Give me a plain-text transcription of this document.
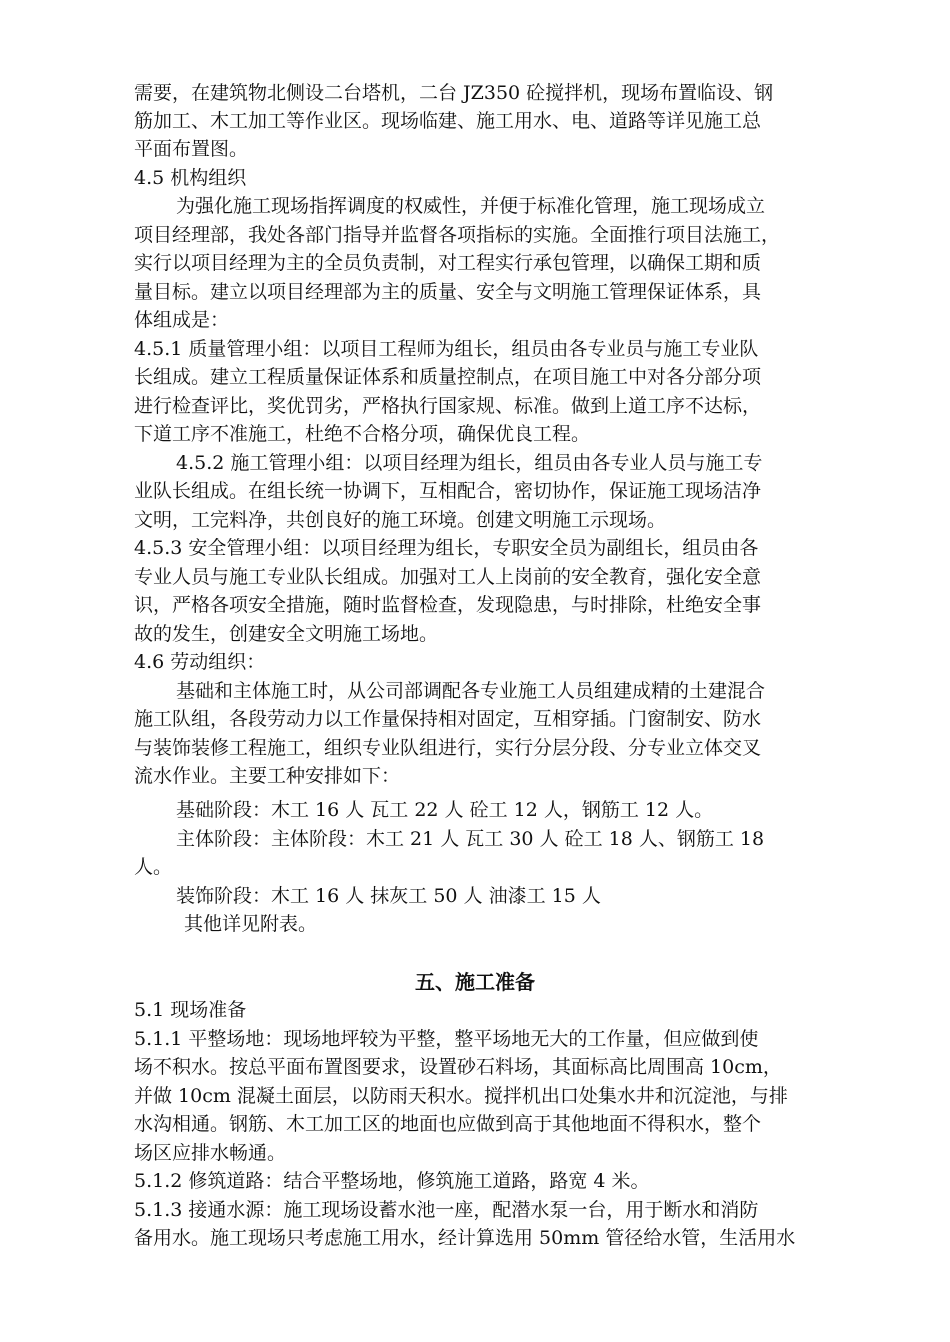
需要，在建筑物北侧设二台塔机，二台 JZ350 砼搅拌机，现场布置临设、钢
筋加工、木工加工等作业区。现场临建、施工用水、电、道路等详见施工总
平面布置图。
4.5 机构组织
为强化施工现场指挥调度的权威性，并便于标准化管理，施工现场成立
项目经理部，我处各部门指导并监督各项指标的实施。全面推行项目法施工，
实行以项目经理为主的全员负责制，对工程实行承包管理，以确保工期和质
量目标。建立以项目经理部为主的质量、安全与文明施工管理保证体系，具
体组成是：
4.5.1 质量管理小组：以项目工程师为组长，组员由各专业员与施工专业队
长组成。建立工程质量保证体系和质量控制点，在项目施工中对各分部分项
进行检查评比，奖优罚劣，严格执行国家规、标准。做到上道工序不达标，
下道工序不准施工，杜绝不合格分项，确保优良工程。
4.5.2 施工管理小组：以项目经理为组长，组员由各专业人员与施工专
业队长组成。在组长统一协调下，互相配合，密切协作，保证施工现场洁净
文明，工完料净，共创良好的施工环境。创建文明施工示现场。
4.5.3 安全管理小组：以项目经理为组长，专职安全员为副组长，组员由各
专业人员与施工专业队长组成。加强对工人上岗前的安全教育，强化安全意
识，严格各项安全措施，随时监督检查，发现隐患，与时排除，杜绝安全事
故的发生，创建安全文明施工场地。
4.6 劳动组织：
基础和主体施工时，从公司部调配各专业施工人员组建成精的土建混合
施工队组，各段劳动力以工作量保持相对固定，互相穿插。门窗制安、防水
与装饰装修工程施工，组织专业队组进行，实行分层分段、分专业立体交叉
流水作业。主要工种安排如下：
基础阶段：木工 16 人 瓦工 22 人 砼工 12 人，钢筋工 12 人。
主体阶段：主体阶段：木工 21 人 瓦工 30 人 砼工 18 人、钢筋工 18
人。
装饰阶段：木工 16 人 抹灰工 50 人 油漆工 15 人
其他详见附表。
五、施工准备
5.1 现场准备
5.1.1 平整场地：现场地坪较为平整，整平场地无大的工作量，但应做到使
场不积水。按总平面布置图要求，设置砂石料场，其面标高比周围高 10cm，
并做 10cm 混凝土面层，以防雨天积水。搅拌机出口处集水井和沉淀池，与排
水沟相通。钢筋、木工加工区的地面也应做到高于其他地面不得积水，整个
场区应排水畅通。
5.1.2 修筑道路：结合平整场地，修筑施工道路，路宽 4 米。
5.1.3 接通水源：施工现场设蓄水池一座，配潜水泵一台，用于断水和消防
备用水。施工现场只考虑施工用水，经计算选用 50mm 管径给水管，生活用水
